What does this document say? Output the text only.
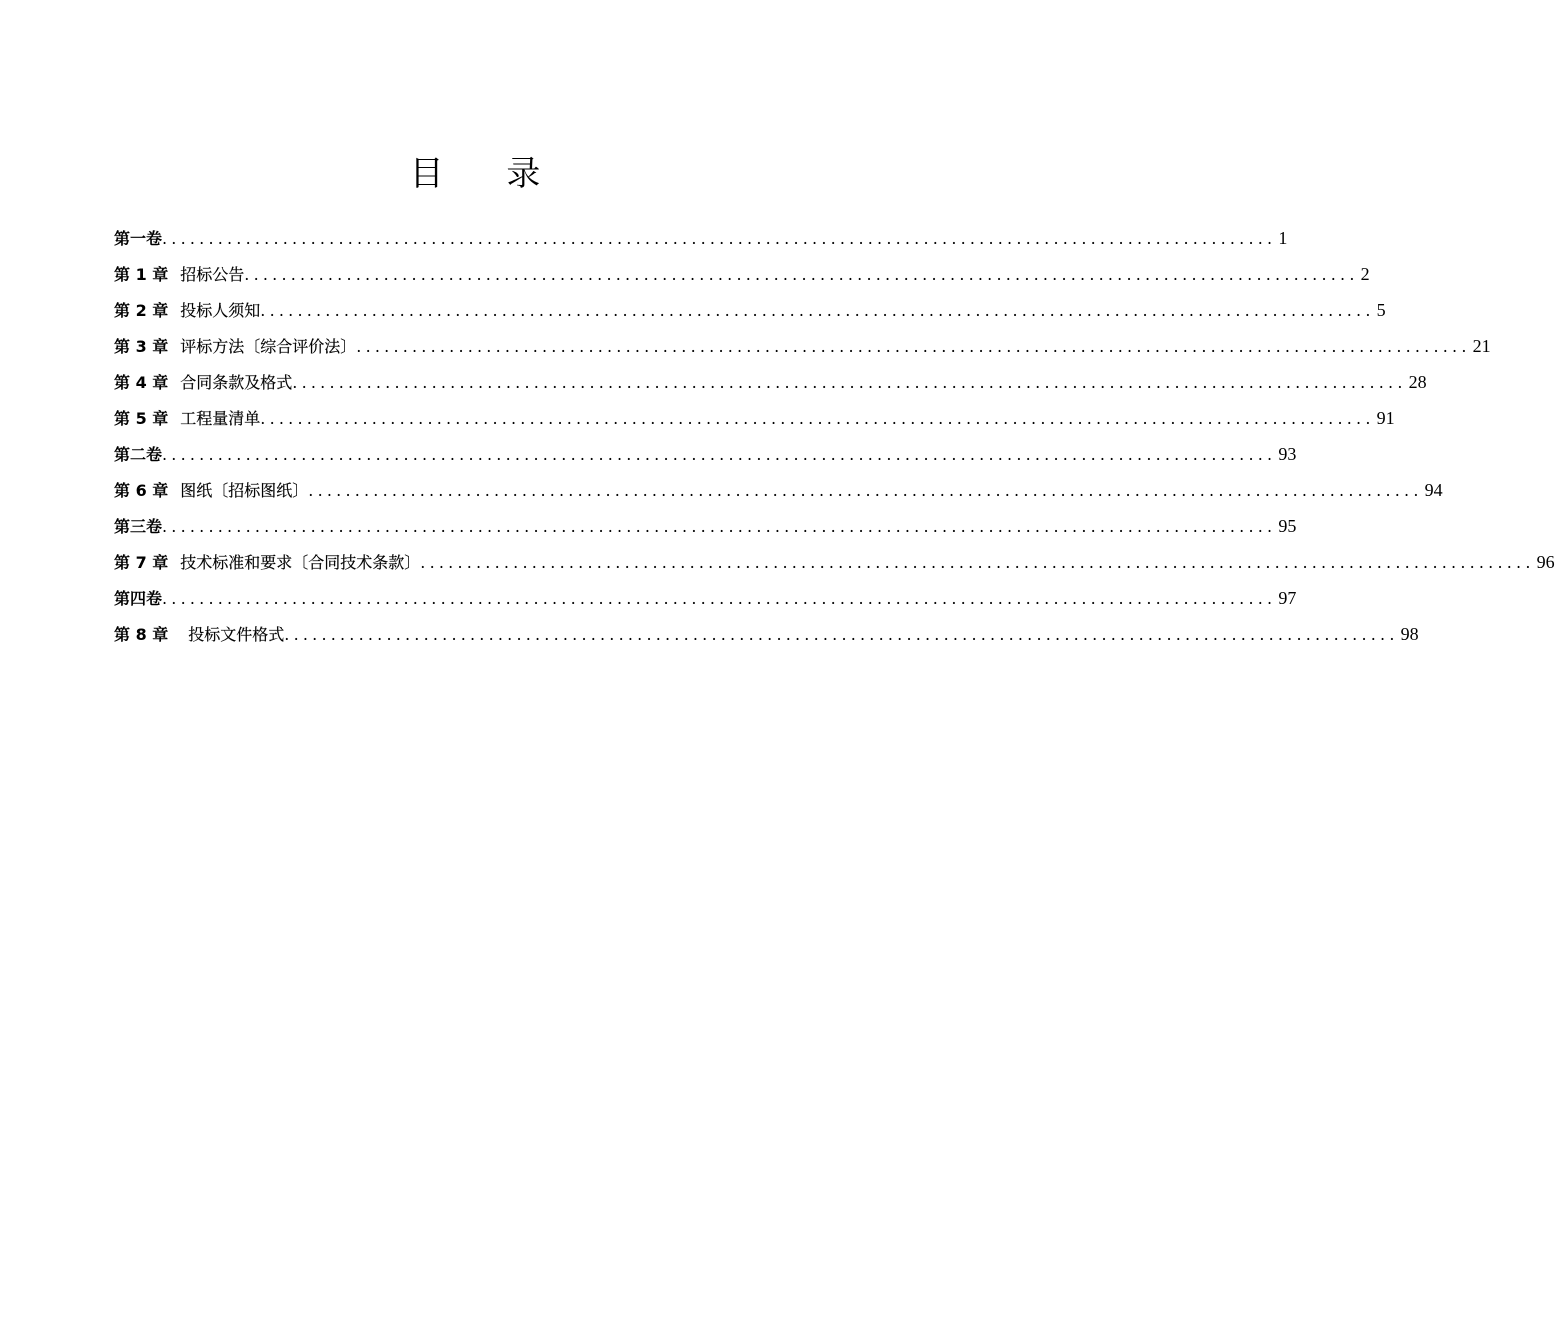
目 录
第一卷 ........................................................................................................................ 1
第 1 章 招标公告 ........................................................................................................................ 2
第 2 章 投标人须知 ........................................................................................................................ 5
第 3 章 评标方法〔综合评价法〕 ........................................................................................................................ 21
第 4 章 合同条款及格式 ........................................................................................................................ 28
第 5 章 工程量清单 ........................................................................................................................ 91
第二卷 ........................................................................................................................ 93
第 6 章 图纸〔招标图纸〕 ........................................................................................................................ 94
第三卷 ........................................................................................................................ 95
第 7 章 技术标准和要求〔合同技术条款〕 ........................................................................................................................ 96
第四卷 ........................................................................................................................ 97
第 8 章 投标文件格式 ........................................................................................................................ 98
